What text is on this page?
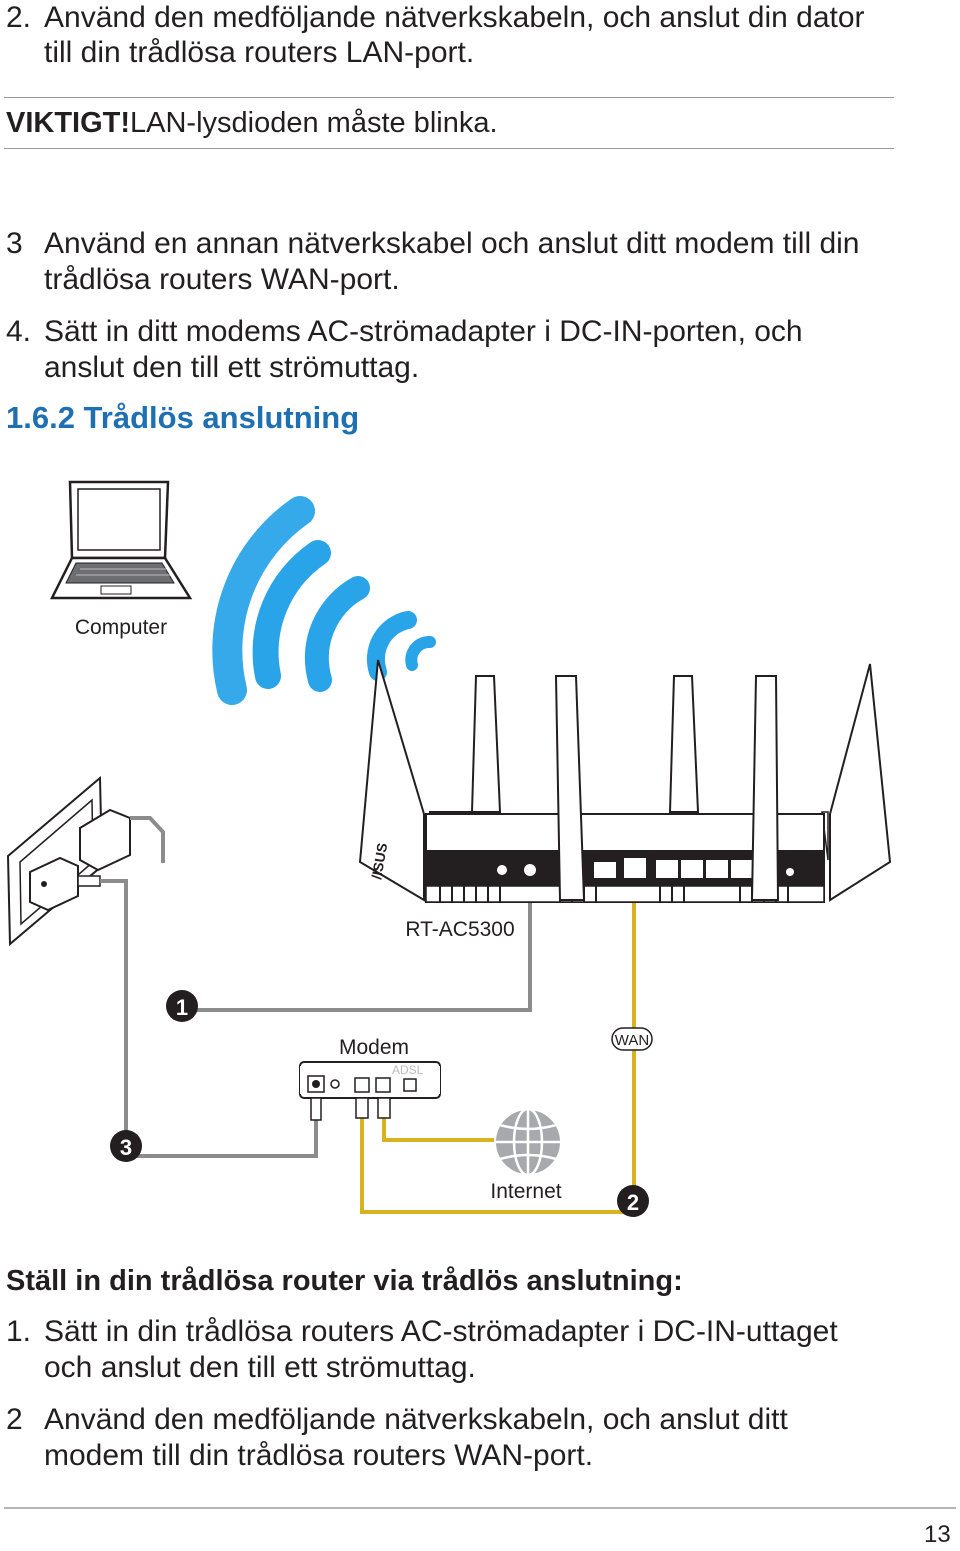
2. Använd den medföljande nätverkskabeln, och anslut din dator
till din trådlösa routers LAN-port.
VIKTIGT! LAN-lysdioden måste blinka.
3 Använd en annan nätverkskabel och anslut ditt modem till din
trådlösa routers WAN-port.
4. Sätt in ditt modems AC-strömadapter i DC-IN-porten, och
anslut den till ett strömuttag.
1.6.2 Trådlös anslutning
Computer
/ISUS
RT-AC5300
ADSL
Modem	WAN
Internet
1
2
3
Ställ in din trådlösa router via trådlös anslutning:
1. Sätt in din trådlösa routers AC-strömadapter i DC-IN-uttaget
och anslut den till ett strömuttag.
2 Använd den medföljande nätverkskabeln, och anslut ditt
modem till din trådlösa routers WAN-port.
13
